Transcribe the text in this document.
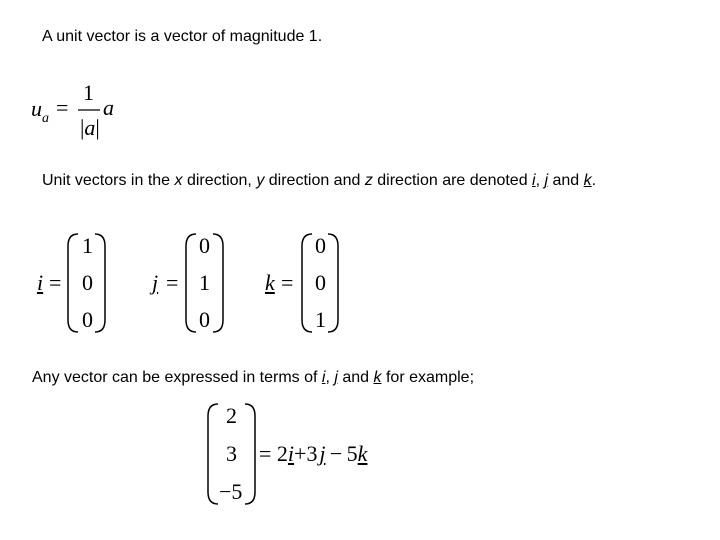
A unit vector is a vector of magnitude 1.
$u_a$ =
1
|a|
a
Unit vectors in the x direction, y direction and z direction are denoted i, j and k.
i =
1
0
0
j =
0
1
0
k =
0
0
1
Any vector can be expressed in terms of i, j and k for example;
2
3
−5
= 2i+3 j  −  5k
